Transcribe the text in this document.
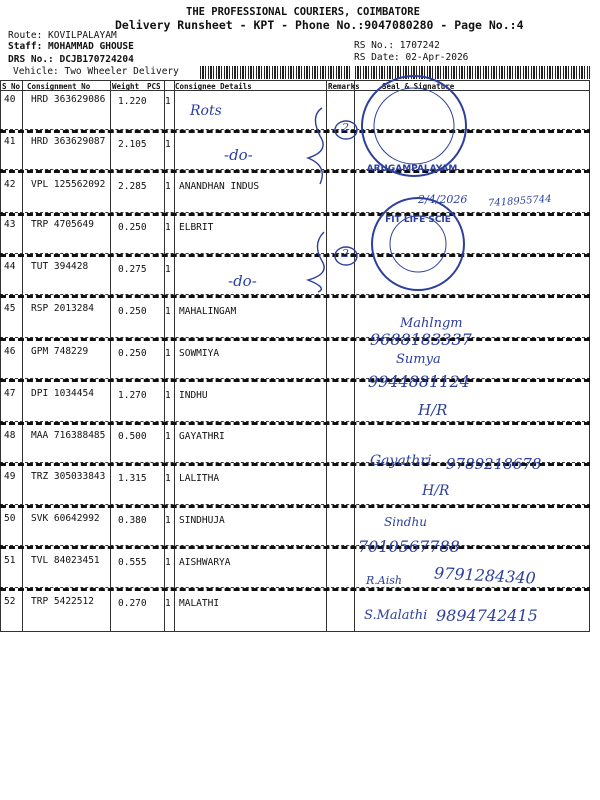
THE PROFESSIONAL COURIERS, COIMBATORE
Delivery Runsheet - KPT - Phone No.:9047080280 - Page No.:4
Route: KOVILPALAYAM
Staff: MOHAMMAD GHOUSE
DRS No.: DCJB170724204
Vehicle: Two Wheeler Delivery
RS No.: 1707242
RS Date: 02-Apr-2026
S No Consignment No	Weight PCS Consignee Details	Remarks	Seal & Signature
40 HRD 363629086 1.220 1
41 HRD 363629087 2.105 1
42 VPL 125562092 2.285 1 ANANDHAN INDUS
43 TRP 4705649	0.250 1 ELBRIT
44 TUT 394428	0.275 1
45 RSP 2013284	0.250 1 MAHALINGAM
46 GPM 748229	0.250 1 SOWMIYA
47 DPI 1034454	1.270 1 INDHU
48 MAA 716388485 0.500 1 GAYATHRI
49 TRZ 305033843 1.315 1 LALITHA
50 SVK 60642992 0.380 1 SINDHUJA
51 TVL 84023451 0.555 1 AISHWARYA
52 TRP 5422512	0.270 1 MALATHI
Rots
-do-
-do-
2
2
ARUGAMPALAYAM
FIT LIFE SCIE
2/4/2026 7418955744
Mahlngm
9688183337
Sumya
9944881124
H/R
Gayathri 9789218678
H/R
Sindhu
7010567788
R.Aish 9791284340
S.Malathi 9894742415
